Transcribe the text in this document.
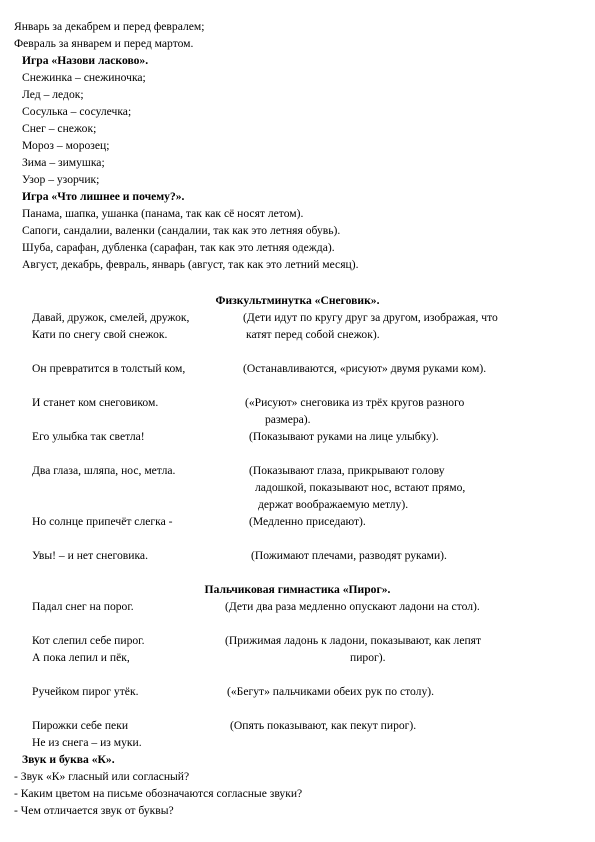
Январь за декабрем и перед февралем;
Февраль за январем и перед мартом.
Игра «Назови ласково».
Снежинка – снежиночка;
Лед – ледок;
Сосулька – сосулечка;
Снег – снежок;
Мороз – морозец;
Зима – зимушка;
Узор – узорчик;
Игра «Что лишнее и почему?».
Панама, шапка, ушанка (панама, так как сё носят летом).
Сапоги, сандалии, валенки (сандалии, так как это летняя обувь).
Шуба, сарафан, дубленка (сарафан, так как это летняя одежда).
Август, декабрь, февраль, январь (август, так как это летний месяц).
Физкультминутка «Снеговик».
Давай, дружок, смелей, дружок,	(Дети идут по кругу друг за другом, изображая, что
Кати по снегу свой снежок.	катят перед собой снежок).
Он превратится в толстый ком,	(Останавливаются, «рисуют» двумя руками ком).
И станет ком снеговиком.	(«Рисуют» снеговика из трёх кругов разного
размера).
Его улыбка так светла!	(Показывают руками на лице улыбку).
Два глаза, шляпа, нос, метла.	(Показывают глаза, прикрывают голову
ладошкой, показывают нос, встают прямо,
держат воображаемую метлу).
Но солнце припечёт слегка -	(Медленно приседают).
Увы! – и нет снеговика.	(Пожимают плечами, разводят руками).
Пальчиковая гимнастика «Пирог».
Падал снег на порог.	(Дети два раза медленно опускают ладони на стол).
Кот слепил себе пирог.	(Прижимая ладонь к ладони, показывают, как лепят
А пока лепил и пёк,	пирог).
Ручейком пирог утёк.	(«Бегут» пальчиками обеих рук по столу).
Пирожки себе пеки	(Опять показывают, как пекут пирог).
Не из снега – из муки.
Звук и буква «К».
- Звук «К» гласный или согласный?
- Каким цветом на письме обозначаются согласные звуки?
- Чем отличается звук от буквы?
